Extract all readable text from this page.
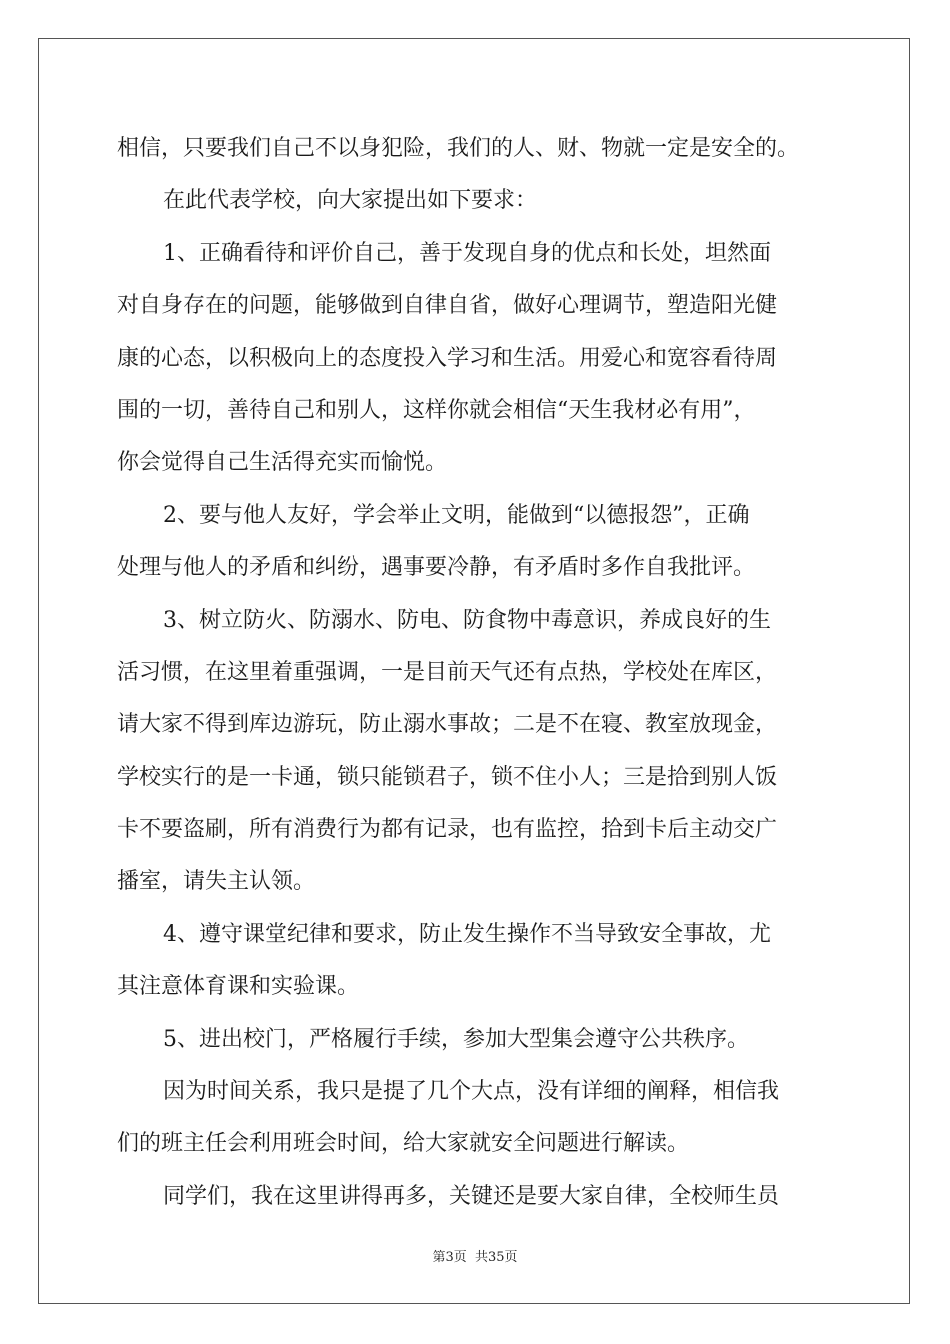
相信，只要我们自己不以身犯险，我们的人、财、物就一定是安全的。
在此代表学校，向大家提出如下要求：
1、正确看待和评价自己，善于发现自身的优点和长处，坦然面
对自身存在的问题，能够做到自律自省，做好心理调节，塑造阳光健
康的心态，以积极向上的态度投入学习和生活。用爱心和宽容看待周
围的一切，善待自己和别人，这样你就会相信“天生我材必有用”，
你会觉得自己生活得充实而愉悦。
2、要与他人友好，学会举止文明，能做到“以德报怨”，正确
处理与他人的矛盾和纠纷，遇事要冷静，有矛盾时多作自我批评。
3、树立防火、防溺水、防电、防食物中毒意识，养成良好的生
活习惯，在这里着重强调，一是目前天气还有点热，学校处在库区，
请大家不得到库边游玩，防止溺水事故；二是不在寝、教室放现金，
学校实行的是一卡通，锁只能锁君子，锁不住小人；三是拾到别人饭
卡不要盗刷，所有消费行为都有记录，也有监控，拾到卡后主动交广
播室，请失主认领。
4、遵守课堂纪律和要求，防止发生操作不当导致安全事故，尤
其注意体育课和实验课。
5、进出校门，严格履行手续，参加大型集会遵守公共秩序。
因为时间关系，我只是提了几个大点，没有详细的阐释，相信我
们的班主任会利用班会时间，给大家就安全问题进行解读。
同学们，我在这里讲得再多，关键还是要大家自律，全校师生员
第3页 共35页
